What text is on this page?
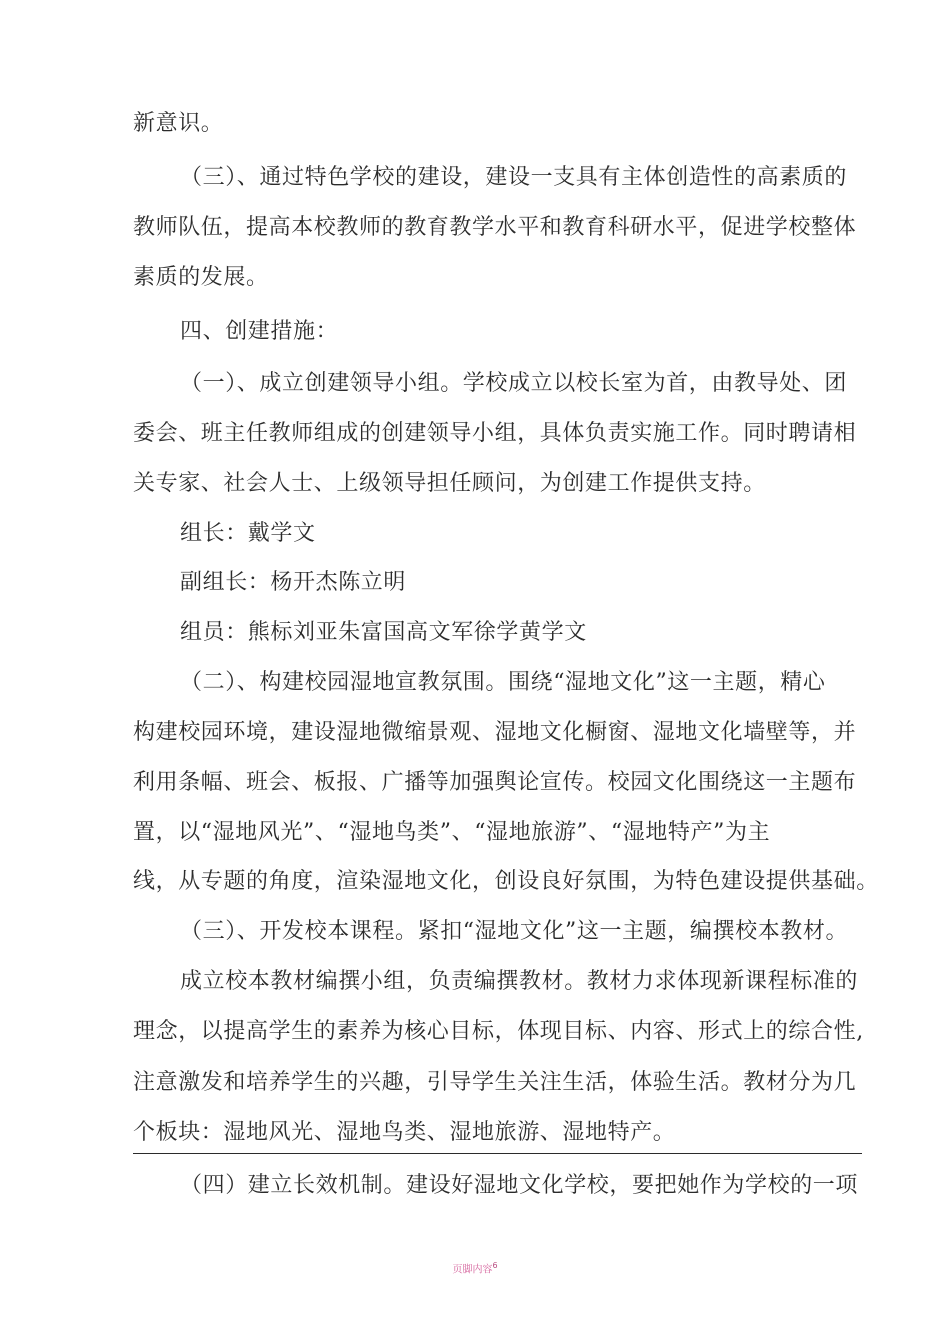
新意识。
（三）、通过特色学校的建设，建设一支具有主体创造性的高素质的
教师队伍，提高本校教师的教育教学水平和教育科研水平，促进学校整体
素质的发展。
四、创建措施：
（一）、成立创建领导小组。学校成立以校长室为首，由教导处、团
委会、班主任教师组成的创建领导小组，具体负责实施工作。同时聘请相
关专家、社会人士、上级领导担任顾问，为创建工作提供支持。
组长：戴学文
副组长：杨开杰陈立明
组员：熊标刘亚朱富国高文军徐学黄学文
（二）、构建校园湿地宣教氛围。围绕“湿地文化”这一主题，精心
构建校园环境，建设湿地微缩景观、湿地文化橱窗、湿地文化墙壁等，并
利用条幅、班会、板报、广播等加强舆论宣传。校园文化围绕这一主题布
置，以“湿地风光”、“湿地鸟类”、“湿地旅游”、“湿地特产”为主
线，从专题的角度，渲染湿地文化，创设良好氛围，为特色建设提供基础。
（三）、开发校本课程。紧扣“湿地文化”这一主题，编撰校本教材。
成立校本教材编撰小组，负责编撰教材。教材力求体现新课程标准的
理念，以提高学生的素养为核心目标，体现目标、内容、形式上的综合性,
注意激发和培养学生的兴趣，引导学生关注生活，体验生活。教材分为几
个板块：湿地风光、湿地鸟类、湿地旅游、湿地特产。
（四）建立长效机制。建设好湿地文化学校，要把她作为学校的一项
页脚内容$^6$
